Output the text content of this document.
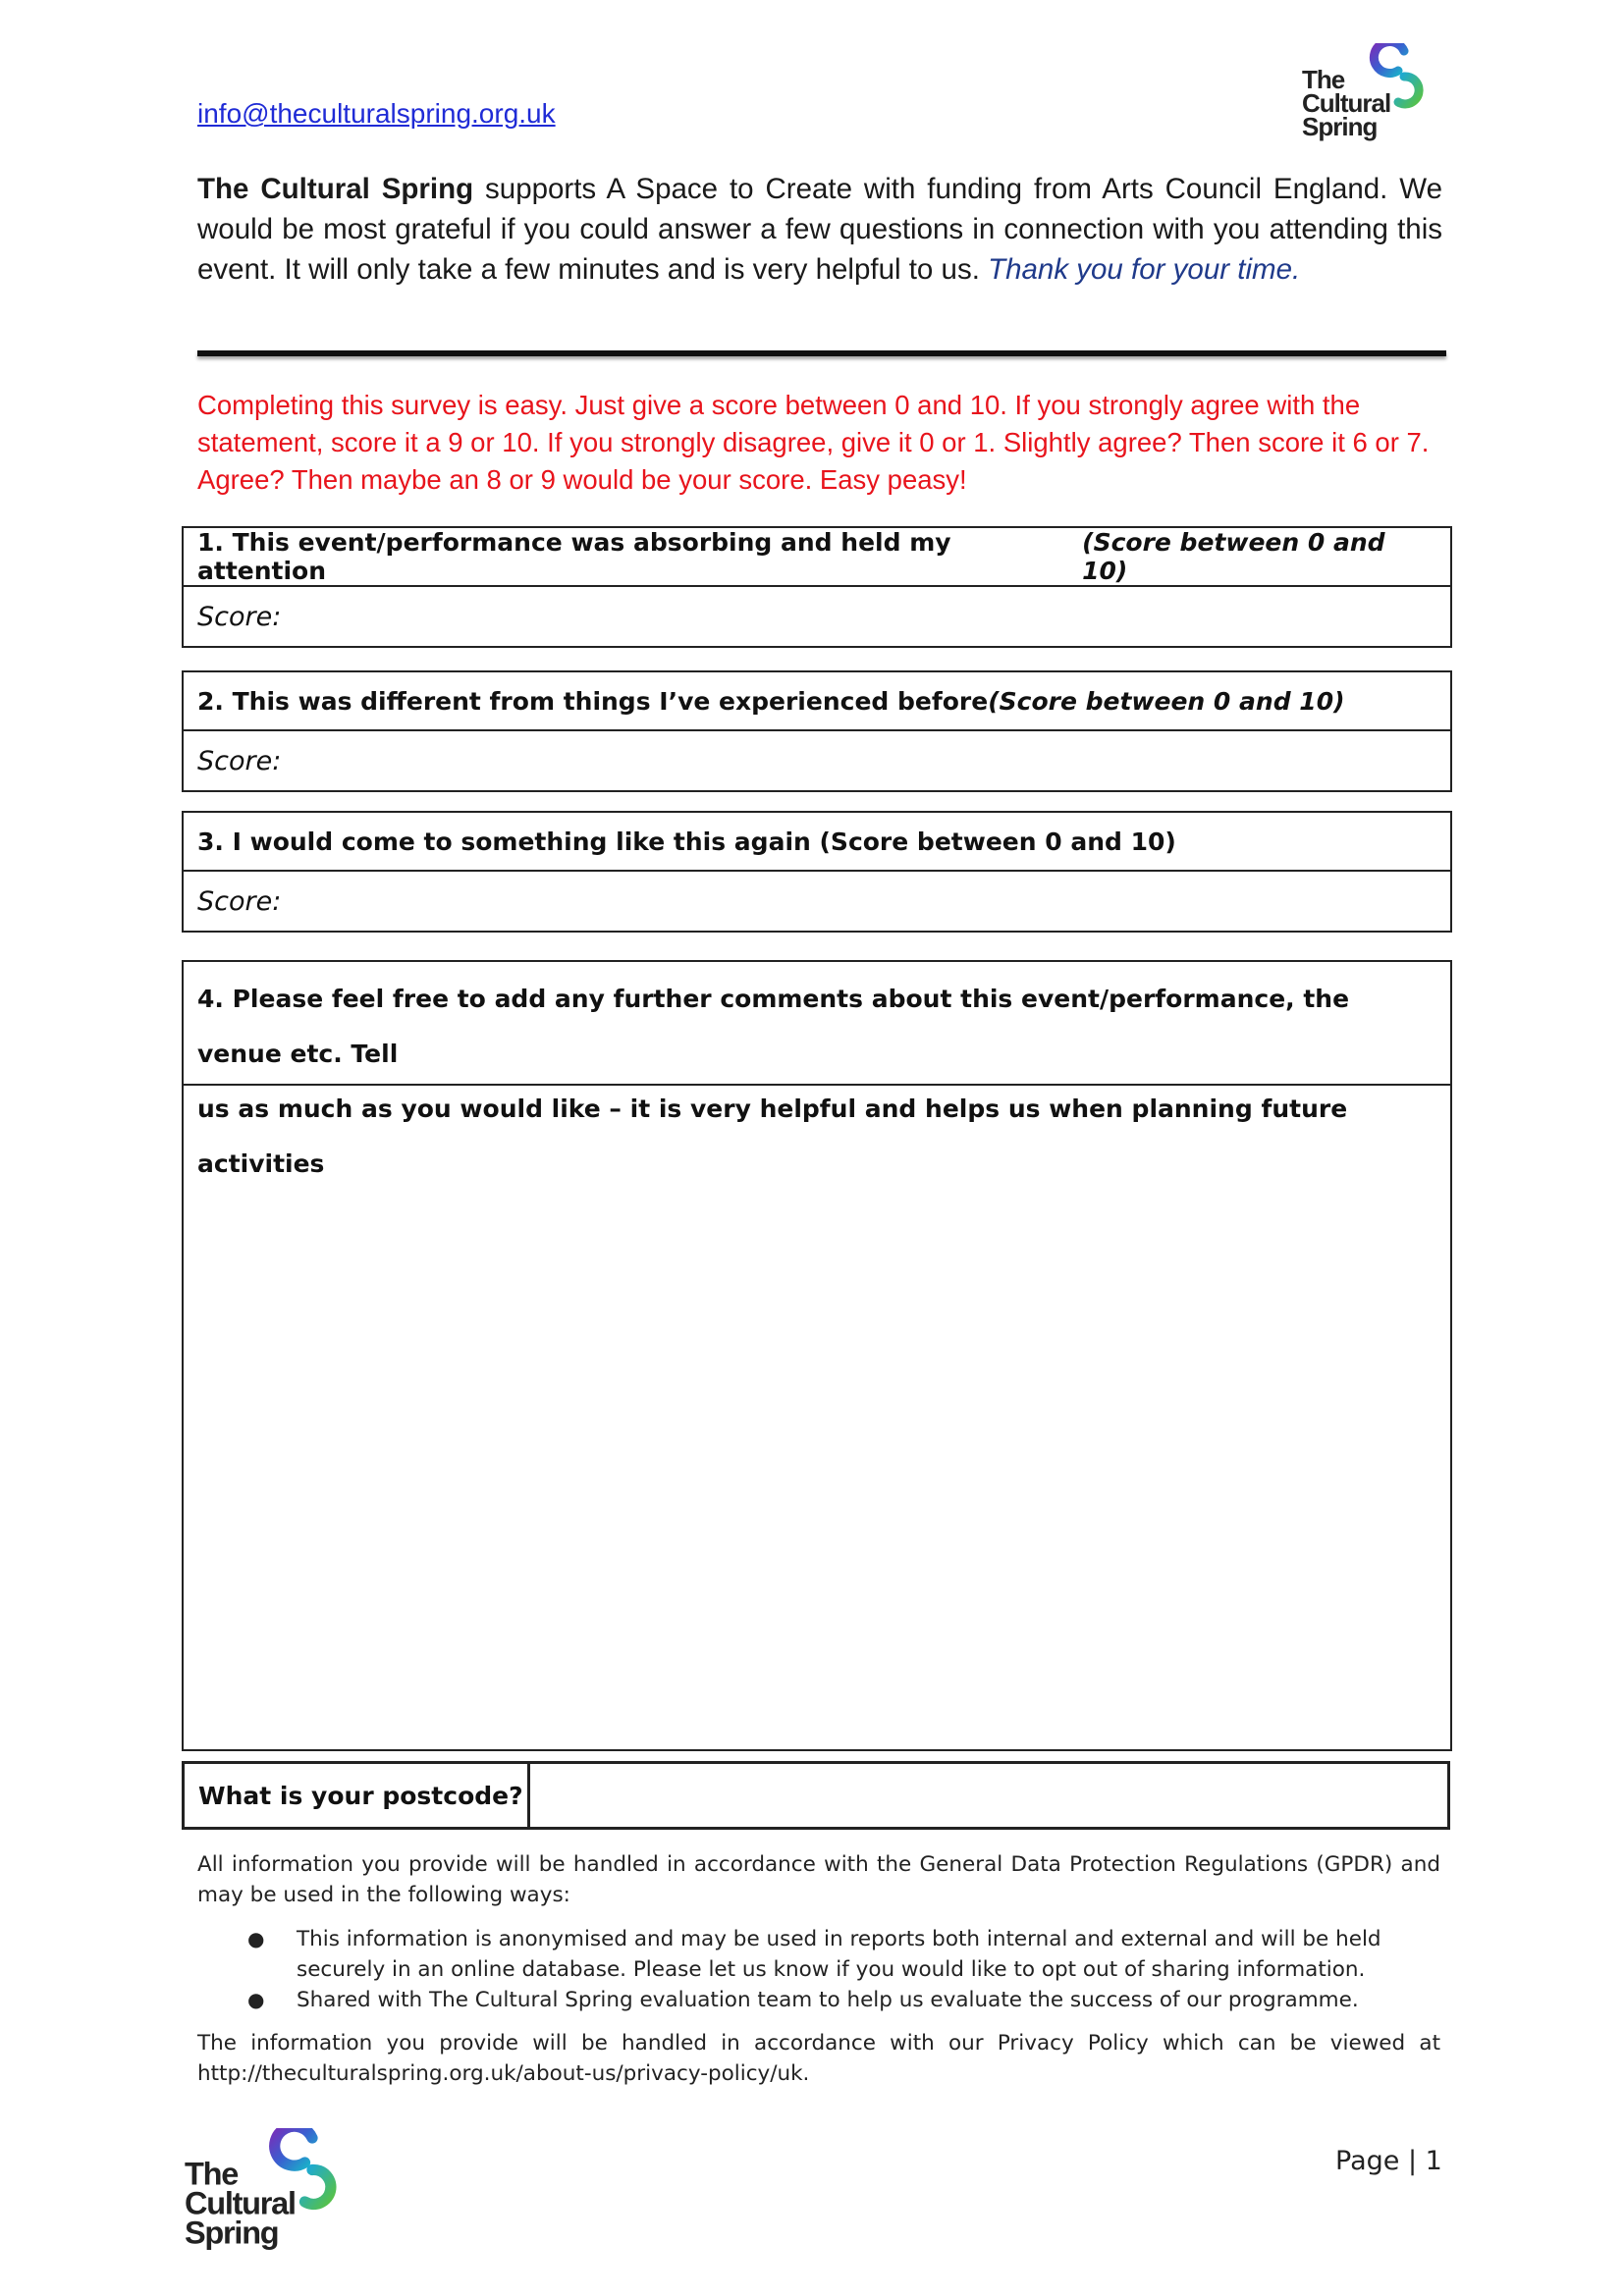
info@theculturalspring.org.uk
The
Cultural
Spring
The Cultural Spring supports A Space to Create with funding from Arts Council England. We would be most grateful if you could answer a few questions in connection with you attending this event. It will only take a few minutes and is very helpful to us. Thank you for your time.
Completing this survey is easy. Just give a score between 0 and 10. If you strongly agree with the statement, score it a 9 or 10. If you strongly disagree, give it 0 or 1. Slightly agree? Then score it 6 or 7. Agree? Then maybe an 8 or 9 would be your score. Easy peasy!
1. This event/performance was absorbing and held my attention
(Score between 0 and 10)
Score:
2. This was different from things I’ve experienced before (Score between 0 and 10)
Score:
3. I would come to something like this again (Score between 0 and 10)
Score:
4. Please feel free to add any further comments about this event/performance, the venue etc. Tell
us as much as you would like – it is very helpful and helps us when planning future activities
What is your postcode?
All information you provide will be handled in accordance with the General Data Protection Regulations (GPDR) and may be used in the following ways:
● This information is anonymised and may be used in reports both internal and external and will be held securely in an online database. Please let us know if you would like to opt out of sharing information.
● Shared with The Cultural Spring evaluation team to help us evaluate the success of our programme.
The information you provide will be handled in accordance with our Privacy Policy which can be viewed at http://theculturalspring.org.uk/about-us/privacy-policy/uk.
The
Cultural
Spring
Page | 1
